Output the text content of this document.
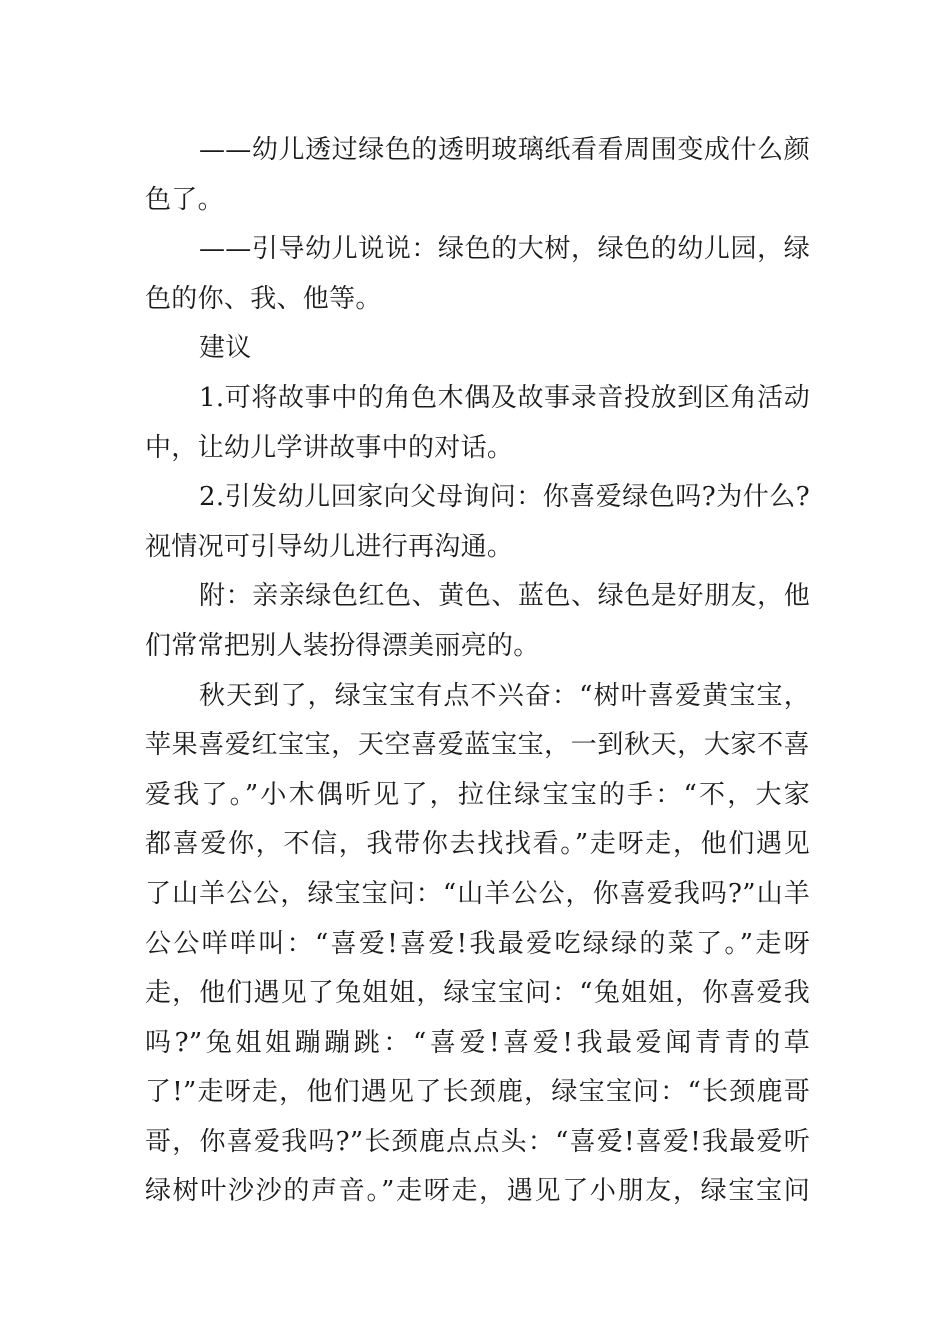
——幼儿透过绿色的透明玻璃纸看看周围变成什么颜
色了。
——引导幼儿说说：绿色的大树，绿色的幼儿园，绿
色的你、我、他等。
建议
1.可将故事中的角色木偶及故事录音投放到区角活动
中，让幼儿学讲故事中的对话。
2.引发幼儿回家向父母询问：你喜爱绿色吗?为什么?
视情况可引导幼儿进行再沟通。
附：亲亲绿色红色、黄色、蓝色、绿色是好朋友，他
们常常把别人装扮得漂美丽亮的。
秋天到了，绿宝宝有点不兴奋：“树叶喜爱黄宝宝，
苹果喜爱红宝宝，天空喜爱蓝宝宝，一到秋天，大家不喜
爱我了。”小木偶听见了，拉住绿宝宝的手：“不，大家
都喜爱你，不信，我带你去找找看。”走呀走，他们遇见
了山羊公公，绿宝宝问：“山羊公公，你喜爱我吗?”山羊
公公咩咩叫：“喜爱!喜爱!我最爱吃绿绿的菜了。”走呀
走，他们遇见了兔姐姐，绿宝宝问：“兔姐姐，你喜爱我
吗?”兔姐姐蹦蹦跳：“喜爱!喜爱!我最爱闻青青的草
了!”走呀走，他们遇见了长颈鹿，绿宝宝问：“长颈鹿哥
哥，你喜爱我吗?”长颈鹿点点头：“喜爱!喜爱!我最爱听
绿树叶沙沙的声音。”走呀走，遇见了小朋友，绿宝宝问
